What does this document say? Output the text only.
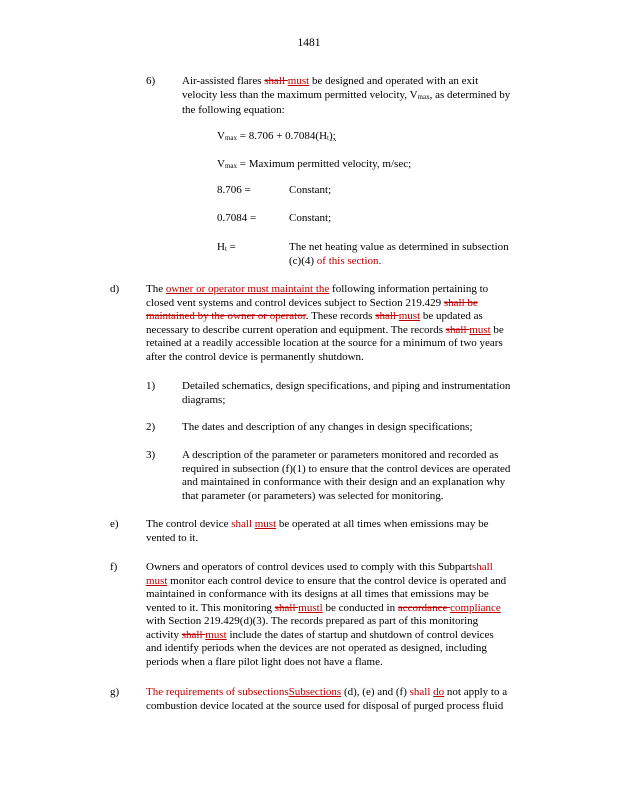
1481
6) Air-assisted flares shall must be designed and operated with an exit
velocity less than the maximum permitted velocity, Vmax, as determined by
the following equation:
Vmax = 8.706 + 0.7084(Ht);
Vmax = Maximum permitted velocity, m/sec;
8.706 =	Constant;
0.7084 =	Constant;
Ht =	The net heating value as determined in subsection
(c)(4) of this section.
d) The owner or operator must maintaint the following information pertaining to
closed vent systems and control devices subject to Section 219.429 shall be
maintained by the owner or operator. These records shall must be updated as
necessary to describe current operation and equipment. The records shall must be
retained at a readily accessible location at the source for a minimum of two years
after the control device is permanently shutdown.
1) Detailed schematics, design specifications, and piping and instrumentation
diagrams;
2) The dates and description of any changes in design specifications;
3) A description of the parameter or parameters monitored and recorded as
required in subsection (f)(1) to ensure that the control devices are operated
and maintained in conformance with their design and an explanation why
that parameter (or parameters) was selected for monitoring.
e) The control device shall must be operated at all times when emissions may be
vented to it.
f)	Owners and operators of control devices used to comply with this Subpartshall
must monitor each control device to ensure that the control device is operated and
maintained in conformance with its designs at all times that emissions may be
vented to it. This monitoring shall mustl be conducted in accordance compliance
with Section 219.429(d)(3). The records prepared as part of this monitoring
activity shall must include the dates of startup and shutdown of control devices
and identify periods when the devices are not operated as designed, including
periods when a flare pilot light does not have a flame.
g) The requirements of subsectionsSubsections (d), (e) and (f) shall do not apply to a
combustion device located at the source used for disposal of purged process fluid
